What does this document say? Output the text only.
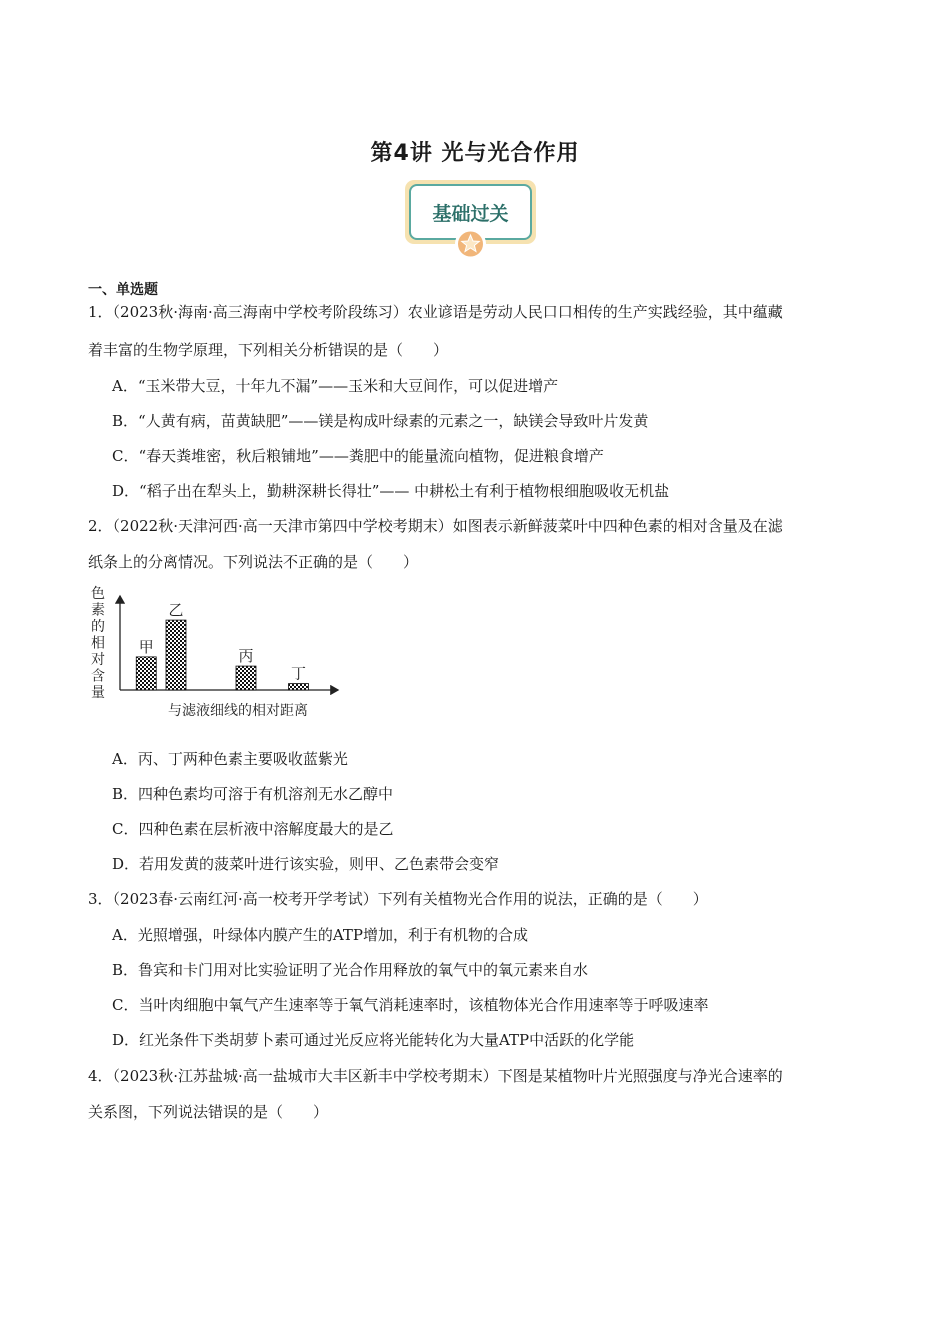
第4讲 光与光合作用
基础过关
一、单选题
1．（2023秋·海南·高三海南中学校考阶段练习）农业谚语是劳动人民口口相传的生产实践经验，其中蕴藏
着丰富的生物学原理，下列相关分析错误的是（　　）
A．“玉米带大豆，十年九不漏”——玉米和大豆间作，可以促进增产
B．“人黄有病，苗黄缺肥”——镁是构成叶绿素的元素之一，缺镁会导致叶片发黄
C．“春天粪堆密，秋后粮铺地”——粪肥中的能量流向植物，促进粮食增产
D．“稻子出在犁头上，勤耕深耕长得壮”—— 中耕松土有利于植物根细胞吸收无机盐
2．（2022秋·天津河西·高一天津市第四中学校考期末）如图表示新鲜菠菜叶中四种色素的相对含量及在滤
纸条上的分离情况。下列说法不正确的是（　　）
色
素
的
相
对
含
量
甲
乙
丙
丁
与滤液细线的相对距离
A．丙、丁两种色素主要吸收蓝紫光
B．四种色素均可溶于有机溶剂无水乙醇中
C．四种色素在层析液中溶解度最大的是乙
D．若用发黄的菠菜叶进行该实验，则甲、乙色素带会变窄
3．（2023春·云南红河·高一校考开学考试）下列有关植物光合作用的说法，正确的是（　　）
A．光照增强，叶绿体内膜产生的ATP增加，利于有机物的合成
B．鲁宾和卡门用对比实验证明了光合作用释放的氧气中的氧元素来自水
C．当叶肉细胞中氧气产生速率等于氧气消耗速率时，该植物体光合作用速率等于呼吸速率
D．红光条件下类胡萝卜素可通过光反应将光能转化为大量ATP中活跃的化学能
4．（2023秋·江苏盐城·高一盐城市大丰区新丰中学校考期末）下图是某植物叶片光照强度与净光合速率的
关系图，下列说法错误的是（　　）
